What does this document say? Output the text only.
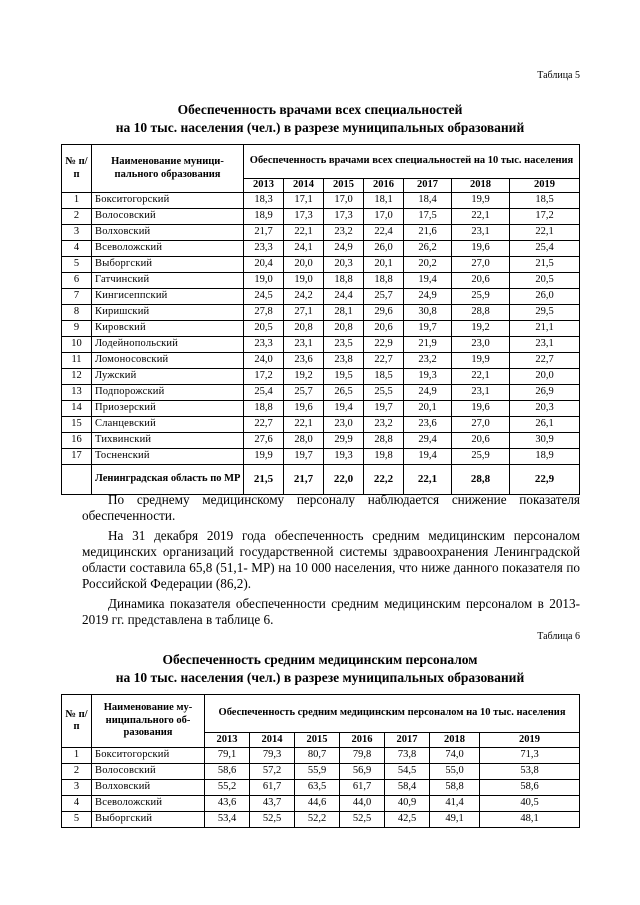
Таблица 5
Обеспеченность врачами всех специальностей
на 10 тыс. населения (чел.) в разрезе муниципальных образований
№ п/п	Наименование муници-пального образования	Обеспеченность врачами всех специальностей на 10 тыс. населения						
		2013	2014	2015	2016	2017	2018	2019
1	Бокситогорский	18,3	17,1	17,0	18,1	18,4	19,9	18,5
2	Волосовский	18,9	17,3	17,3	17,0	17,5	22,1	17,2
3	Волховский	21,7	22,1	23,2	22,4	21,6	23,1	22,1
4	Всеволожский	23,3	24,1	24,9	26,0	26,2	19,6	25,4
5	Выборгский	20,4	20,0	20,3	20,1	20,2	27,0	21,5
6	Гатчинский	19,0	19,0	18,8	18,8	19,4	20,6	20,5
7	Кингисеппский	24,5	24,2	24,4	25,7	24,9	25,9	26,0
8	Киришский	27,8	27,1	28,1	29,6	30,8	28,8	29,5
9	Кировский	20,5	20,8	20,8	20,6	19,7	19,2	21,1
10	Лодейнопольский	23,3	23,1	23,5	22,9	21,9	23,0	23,1
11	Ломоносовский	24,0	23,6	23,8	22,7	23,2	19,9	22,7
12	Лужский	17,2	19,2	19,5	18,5	19,3	22,1	20,0
13	Подпорожский	25,4	25,7	26,5	25,5	24,9	23,1	26,9
14	Приозерский	18,8	19,6	19,4	19,7	20,1	19,6	20,3
15	Сланцевский	22,7	22,1	23,0	23,2	23,6	27,0	26,1
16	Тихвинский	27,6	28,0	29,9	28,8	29,4	20,6	30,9
17	Тосненский	19,9	19,7	19,3	19,8	19,4	25,9	18,9
	Ленинградская область по МР	21,5	21,7	22,0	22,2	22,1	28,8	22,9
По среднему медицинскому персоналу наблюдается снижение показателя обеспеченности.
На 31 декабря 2019 года обеспеченность средним медицинским персоналом медицинских организаций государственной системы здравоохранения Ленинградской области составила 65,8 (51,1- МР) на 10 000 населения, что ниже данного показателя по Российской Федерации (86,2).
Динамика показателя обеспеченности средним медицинским персоналом в 2013-2019 гг. представлена в таблице 6.
Таблица 6
Обеспеченность средним медицинским персоналом
на 10 тыс. населения (чел.) в разрезе муниципальных образований
№ п/п	Наименование му-ниципального об-разования	Обеспеченность средним медицинским персоналом на 10 тыс. населения						
		2013	2014	2015	2016	2017	2018	2019
1	Бокситогорский	79,1	79,3	80,7	79,8	73,8	74,0	71,3
2	Волосовский	58,6	57,2	55,9	56,9	54,5	55,0	53,8
3	Волховский	55,2	61,7	63,5	61,7	58,4	58,8	58,6
4	Всеволожский	43,6	43,7	44,6	44,0	40,9	41,4	40,5
5	Выборгский	53,4	52,5	52,2	52,5	42,5	49,1	48,1
